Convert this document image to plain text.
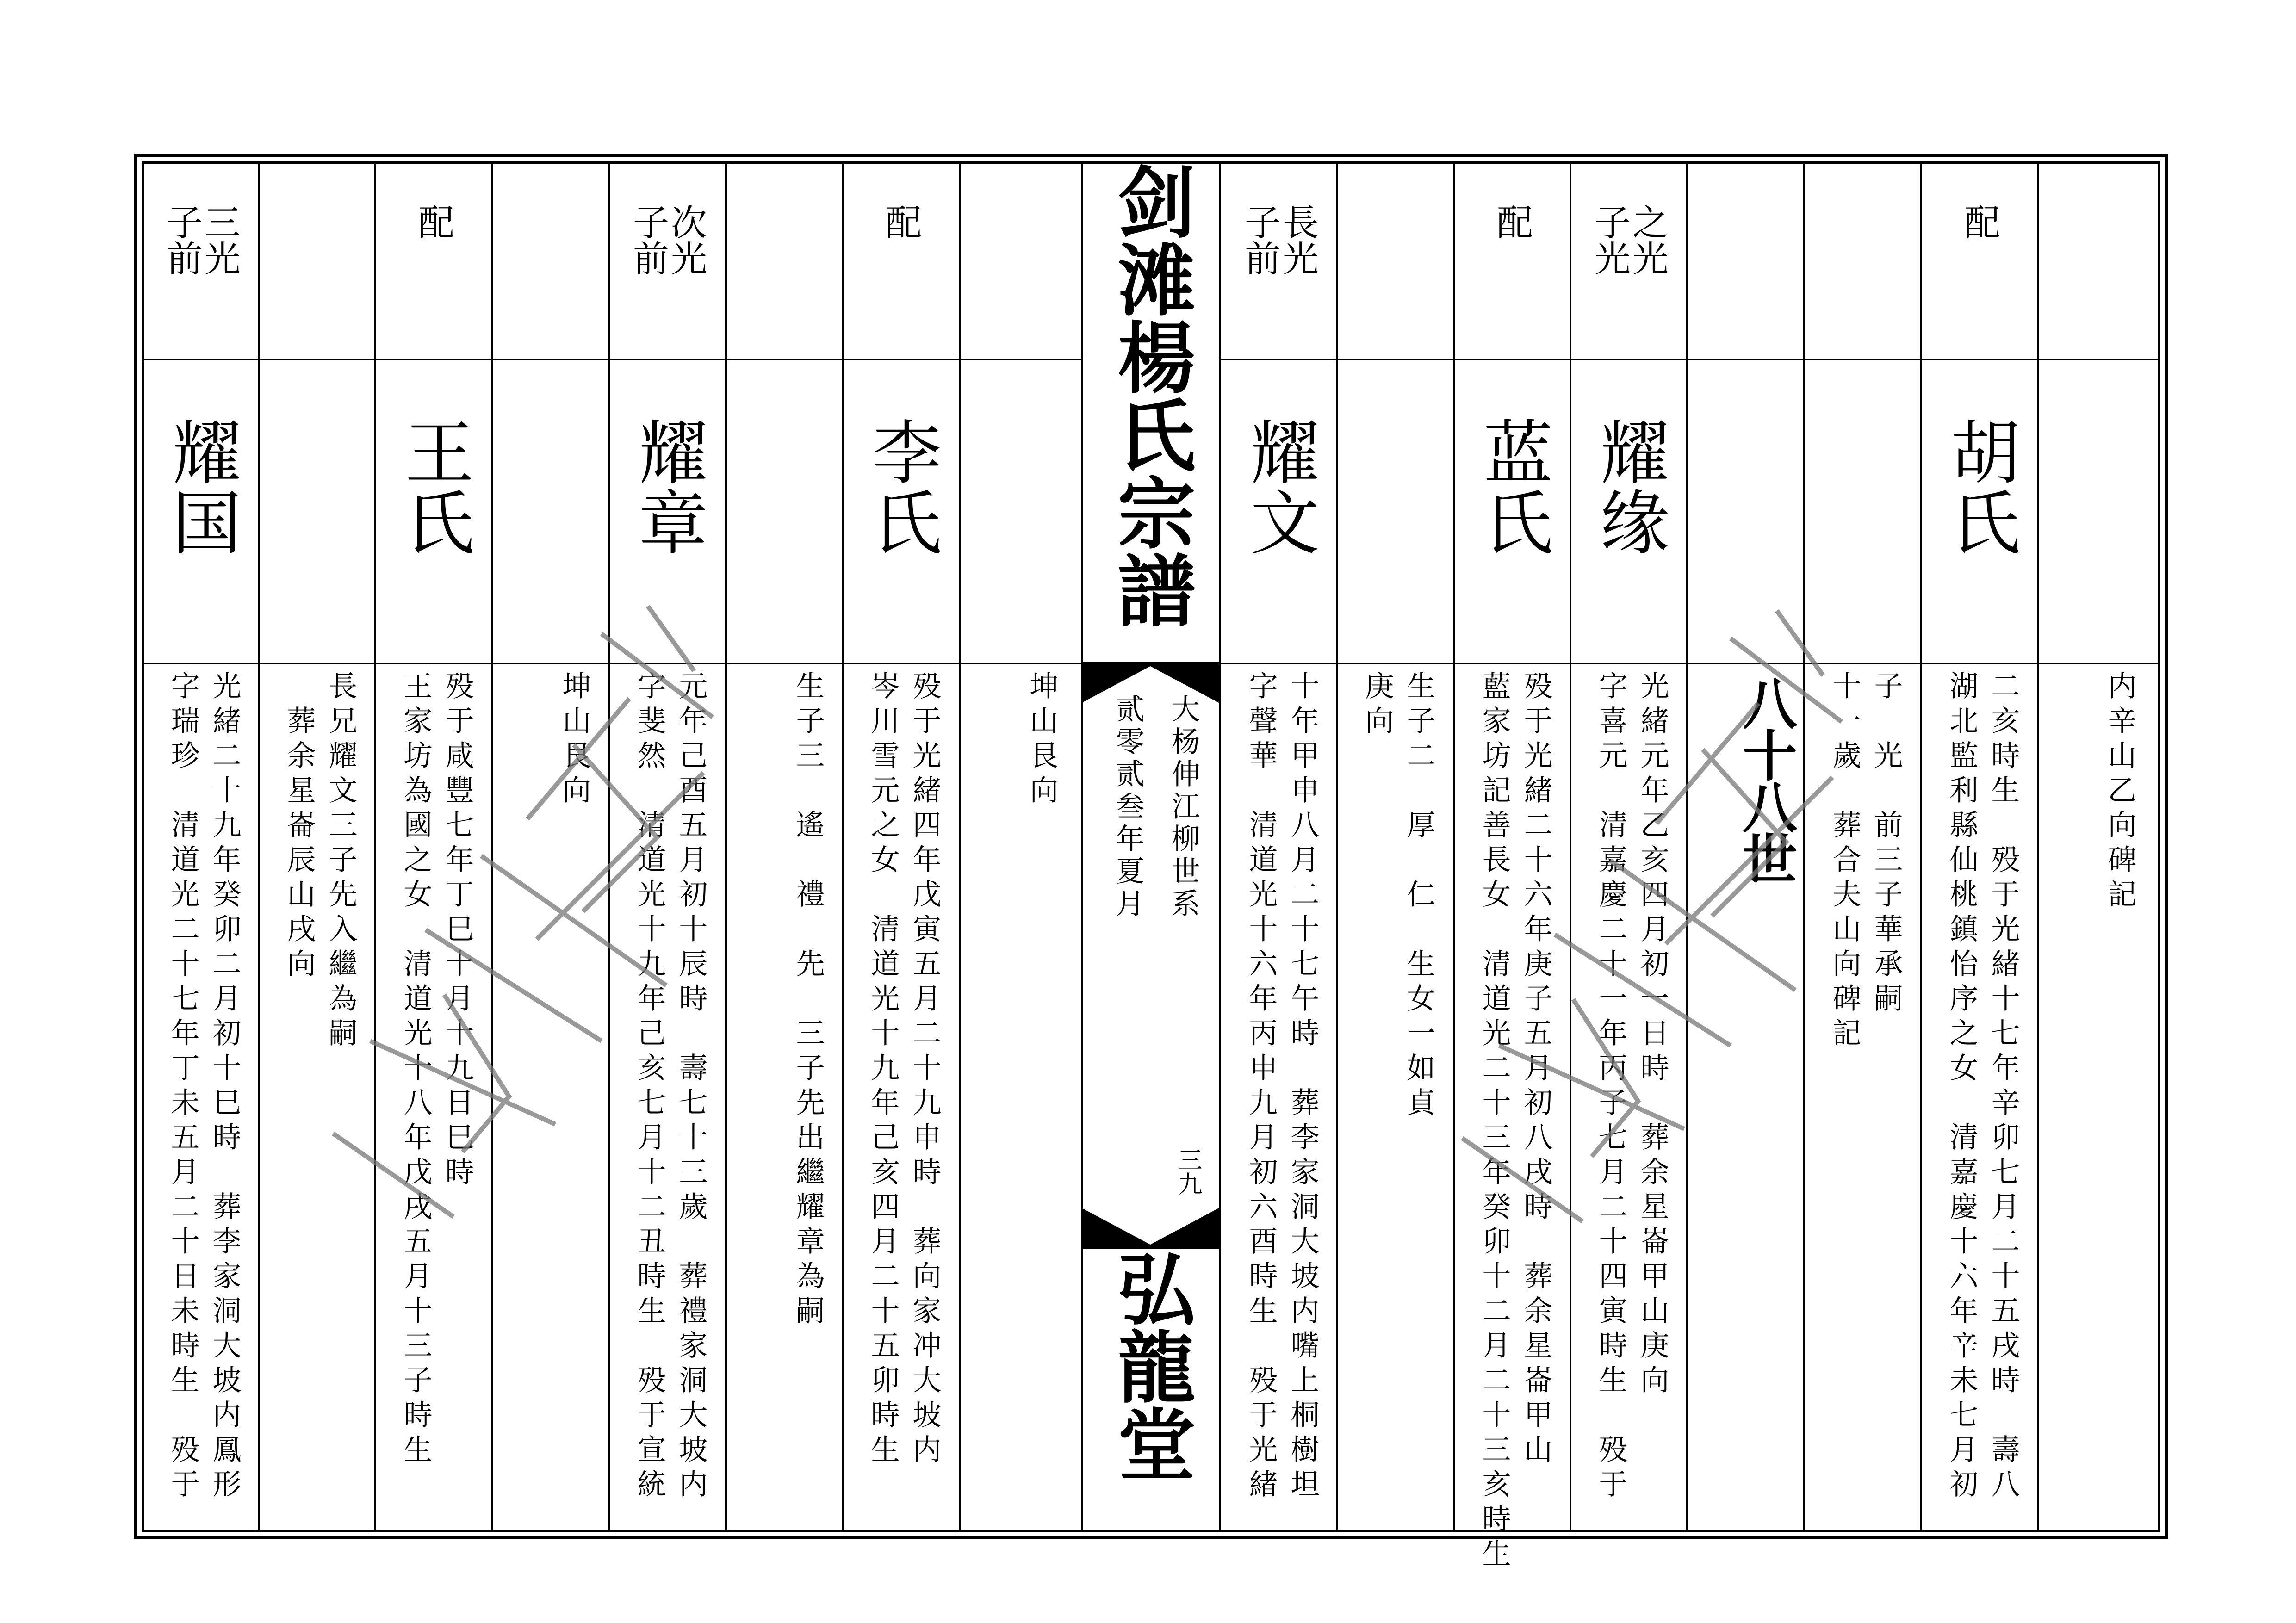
剑滩楊氏宗譜
大杨伸江柳世系
贰零贰叁年夏月
三九
弘龍堂
三光
子前
耀国
光緒二十九年癸卯二月初十巳時　葬李家洞大坡内鳳形
字瑞珍　清道光二十七年丁未五月二十日未時生　殁于
長兄耀文三子先入繼為嗣
　葬余星崙辰山戌向
配
王氏
殁于咸豐七年丁巳十月十九日巳時
王家坊為國之女　清道光十八年戊戌五月十三子時生
坤山艮向
次光
子前
耀章
元年己酉五月初十辰時　壽七十三歲　葬禮家洞大坡内
字斐然　清道光十九年己亥七月十二丑時生　殁于宣統
生子三　遙　禮　先　三子先出繼耀章為嗣
配
李氏
殁于光緒四年戊寅五月二十九申時　葬向家冲大坡内
岑川雪元之女　清道光十九年己亥四月二十五卯時生
坤山艮向
長光
子前
耀文
十年甲申八月二十七午時　葬李家洞大坡内嘴上桐樹坦
字聲華　清道光十六年丙申九月初六酉時生　殁于光緒
生子二　厚　仁　生女一如貞
庚向
配
蓝氏
殁于光緒二十六年庚子五月初八戌時　葬余星崙甲山
藍家坊記善長女　清道光二十三年癸卯十二月二十三亥時生
之光
子光
耀缘
光緒元年乙亥四月初一日時　葬余星崙甲山庚向
字喜元　清嘉慶二十一年丙子七月二十四寅時生　殁于
子　光　前三子華承嗣
十一歲　葬合夫山向碑記
配
胡氏
二亥時生　殁于光緒十七年辛卯七月二十五戌時　壽八
湖北監利縣仙桃鎮怡序之女　清嘉慶十六年辛未七月初
内辛山乙向碑記
八十八世
